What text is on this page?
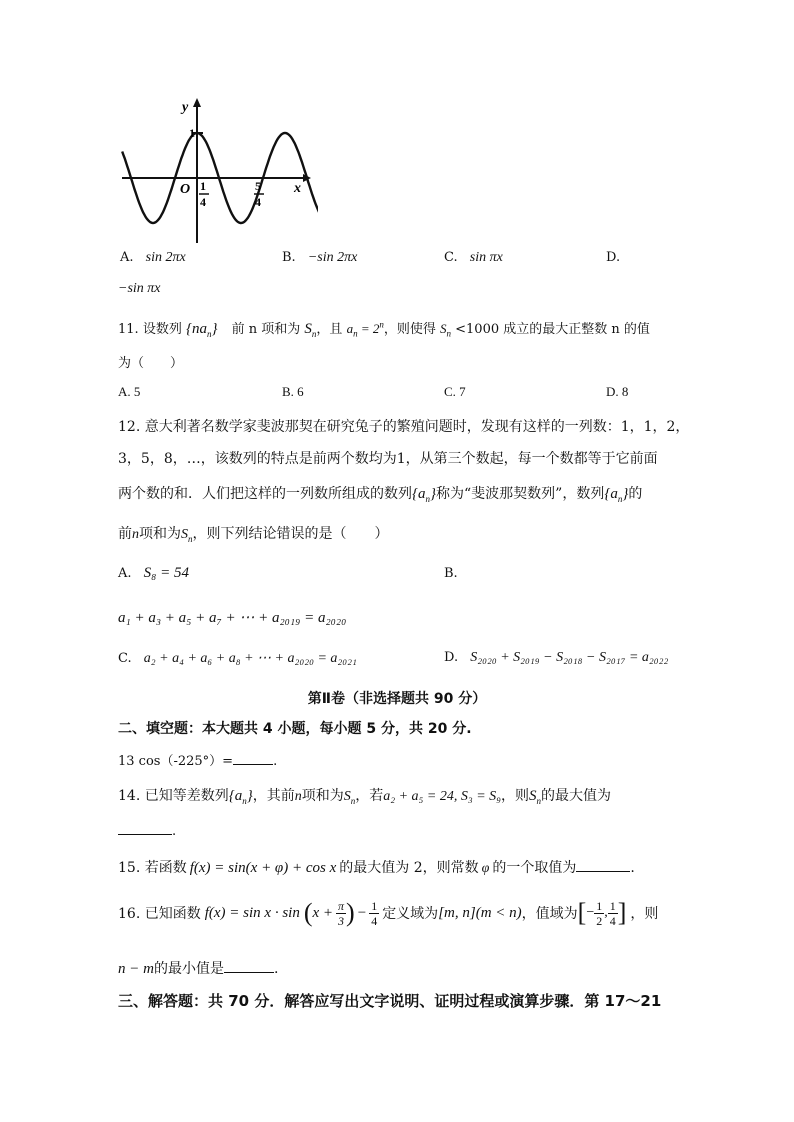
y
1
O	x
1
4
5
4
A. sin 2πx	B. −sin 2πx	C. sin πx	D.
−sin πx
11. 设数列 $\{na_n\}$ 前 n 项和为 $S_n$，且 $a_n = 2^n$，则使得 $S_n <1000$ 成立的最大正整数 n 的值
为（　　）
A. 5	B. 6	C. 7	D. 8
12. 意大利著名数学家斐波那契在研究兔子的繁殖问题时，发现有这样的一列数：1，1，2，
3，5，8，…，该数列的特点是前两个数均为1，从第三个数起，每一个数都等于它前面
两个数的和．人们把这样的一列数所组成的数列$\{a_n\}$称为“斐波那契数列”，数列$\{a_n\}$的
前n项和为$S_n$，则下列结论错误的是（　　）
A. S₈ = 54	B.
a₁ + a₃ + a₅ + a₇ + ⋯ + a₂₀₁₉ = a₂₀₂₀
C. a₂ + a₄ + a₆ + a₈ + ⋯ + a₂₀₂₀ = a₂₀₂₁	D. S₂₀₂₀ + S₂₀₁₉ − S₂₀₁₈ − S₂₀₁₇ = a₂₀₂₂
第Ⅱ卷（非选择题共 90 分）
二、填空题：本大题共 4 小题，每小题 5 分，共 20 分.
13 cos（-225°）=	.
14. 已知等差数列$\{a_n\}$，其前n项和为$S_n$，若a₂ + a₅ = 24, S₃ = S₉，则$S_n$的最大值为
.
15. 若函数 f(x) = sin(x + φ) + cos x 的最大值为 2，则常数 φ 的一个取值为	.
16. 已知函数 f(x) = sin x · sin ( $x + \frac{\pi}{3}$ ) − $\frac{1}{4}$ 定义域为 [m, n](m < n) ，值域为 [ − $\frac{1}{2}$ , $\frac{1}{4}$ ] ，则
n − m的最小值是	.
三、解答题：共 70 分．解答应写出文字说明、证明过程或演算步骤．第 17～21
